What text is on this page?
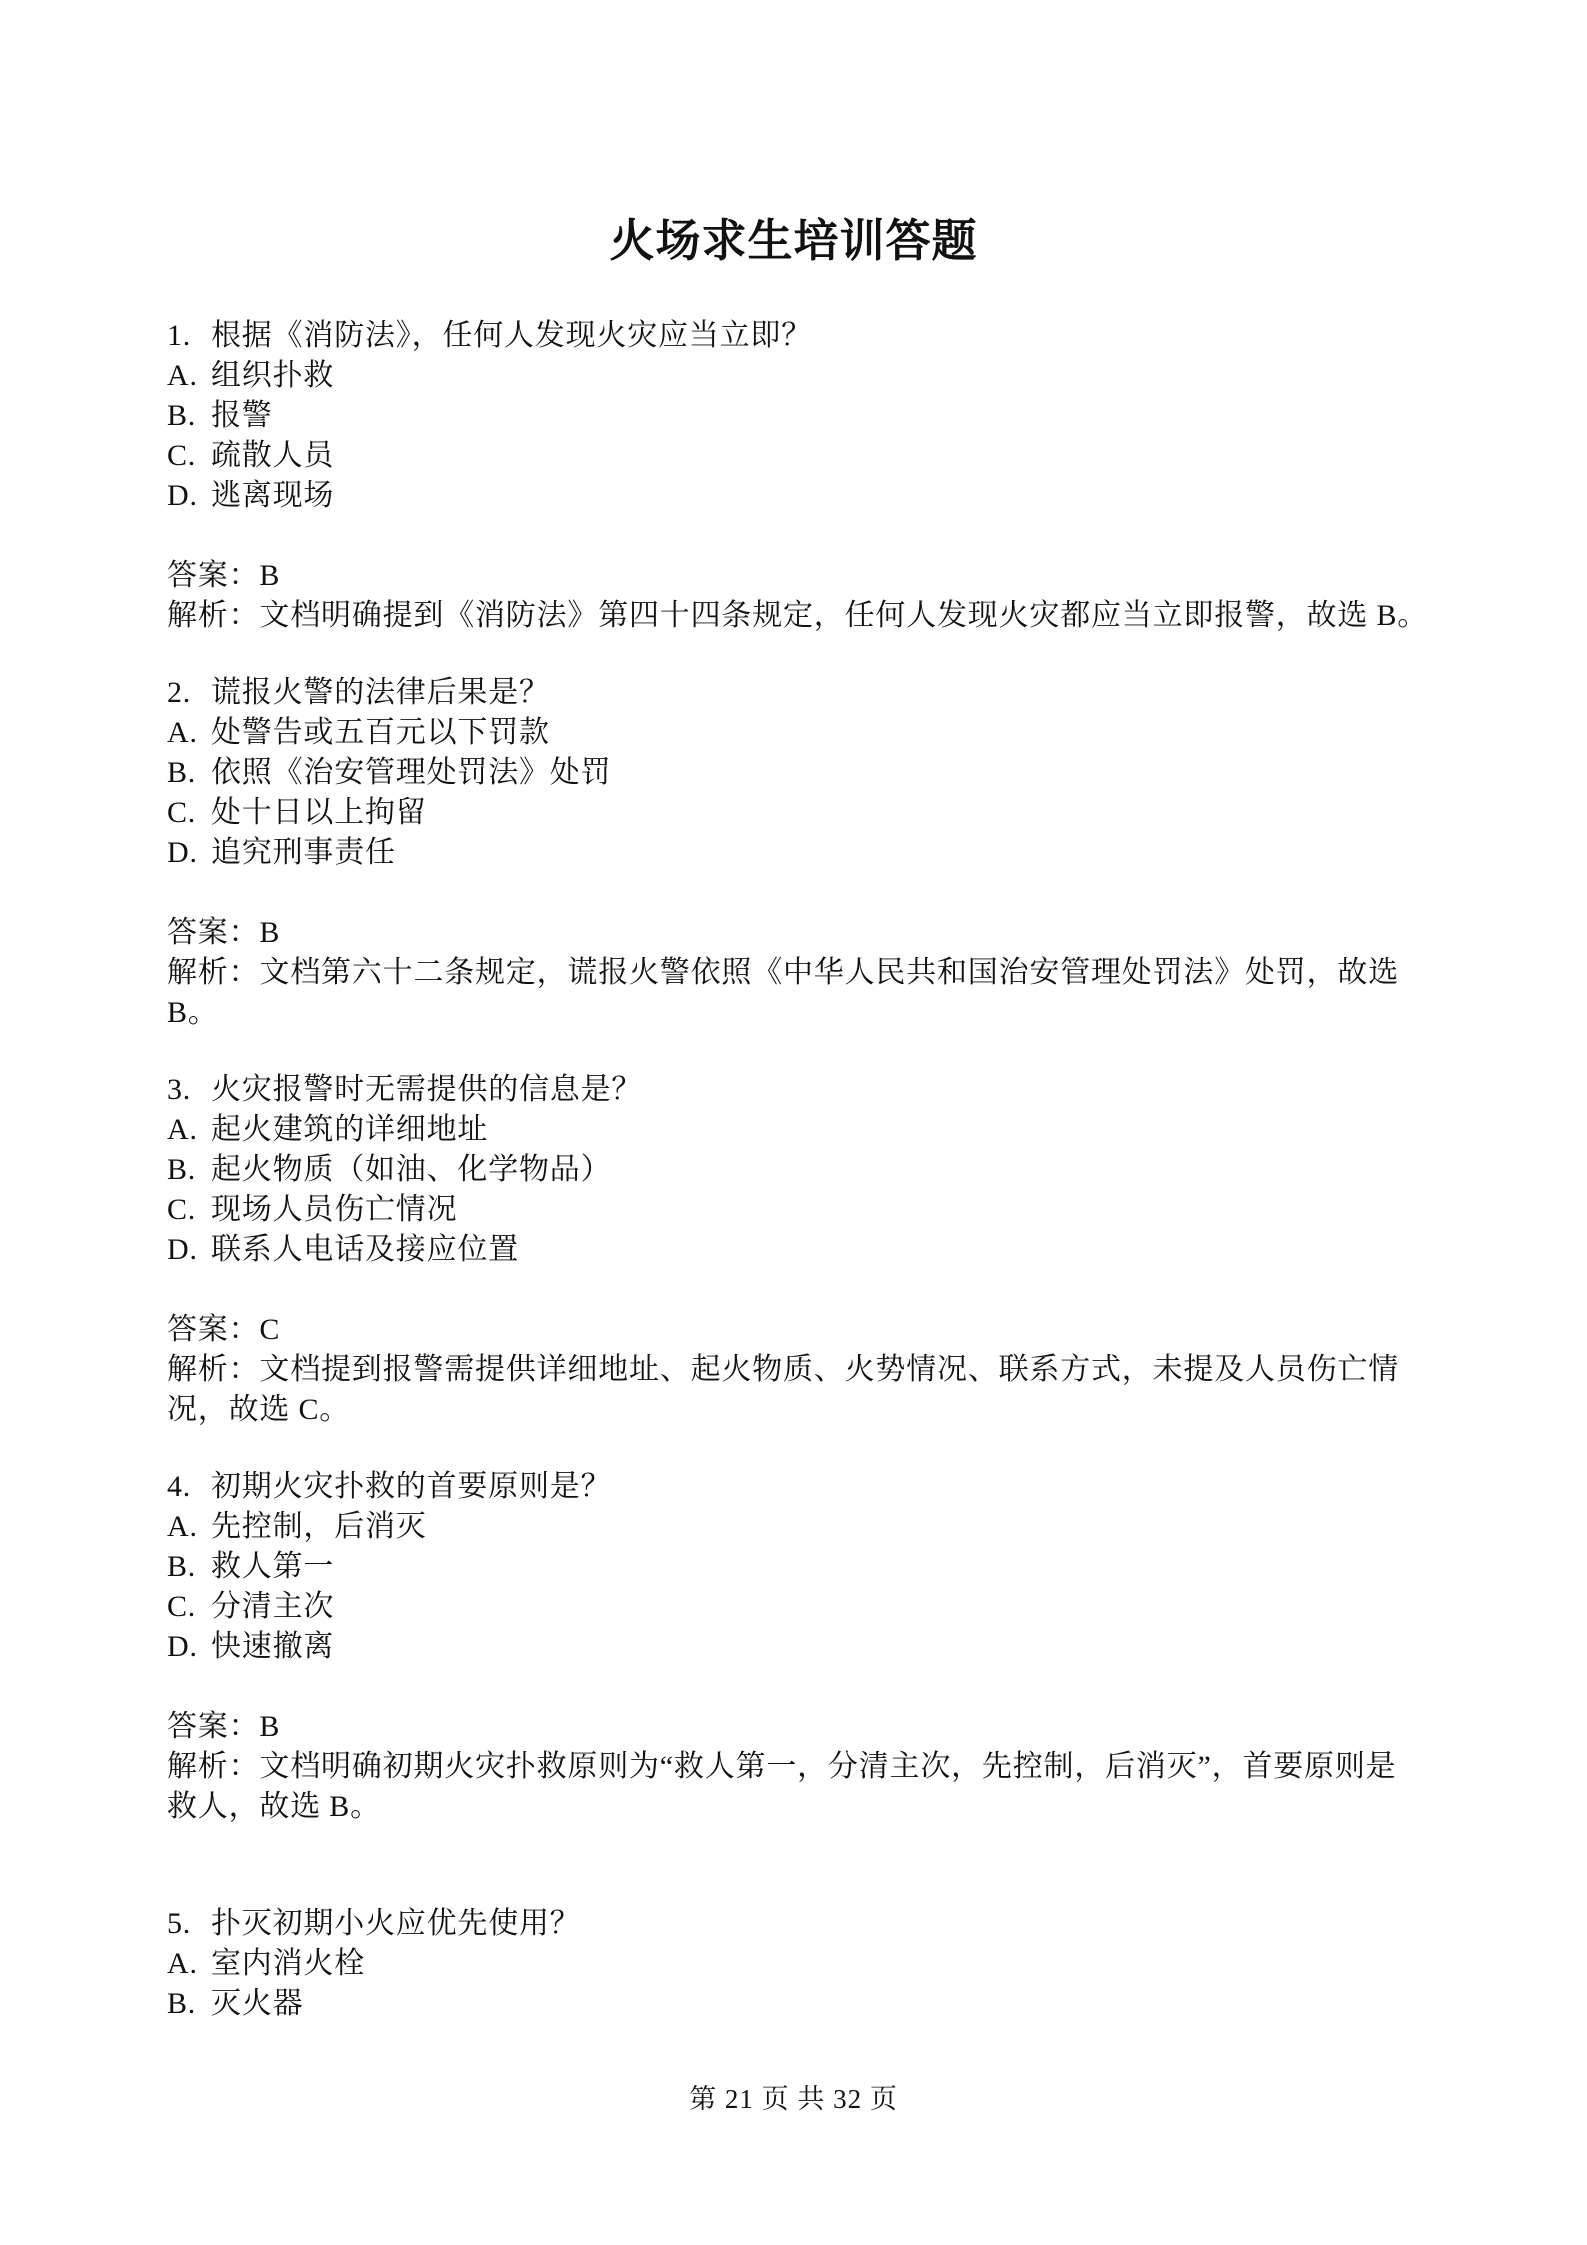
火场求生培训答题
1. 根据《消防法》，任何人发现火灾应当立即？
A. 组织扑救
B. 报警
C. 疏散人员
D. 逃离现场
答案：B
解析：文档明确提到《消防法》第四十四条规定，任何人发现火灾都应当立即报警，故选 B。
2. 谎报火警的法律后果是？
A. 处警告或五百元以下罚款
B. 依照《治安管理处罚法》处罚
C. 处十日以上拘留
D. 追究刑事责任
答案：B
解析：文档第六十二条规定，谎报火警依照《中华人民共和国治安管理处罚法》处罚，故选
B。
3. 火灾报警时无需提供的信息是？
A. 起火建筑的详细地址
B. 起火物质（如油、化学物品）
C. 现场人员伤亡情况
D. 联系人电话及接应位置
答案：C
解析：文档提到报警需提供详细地址、起火物质、火势情况、联系方式，未提及人员伤亡情
况，故选 C。
4. 初期火灾扑救的首要原则是？
A. 先控制，后消灭
B. 救人第一
C. 分清主次
D. 快速撤离
答案：B
解析：文档明确初期火灾扑救原则为“救人第一，分清主次，先控制，后消灭”，首要原则是
救人，故选 B。
5. 扑灭初期小火应优先使用？
A. 室内消火栓
B. 灭火器
第 21 页 共 32 页
